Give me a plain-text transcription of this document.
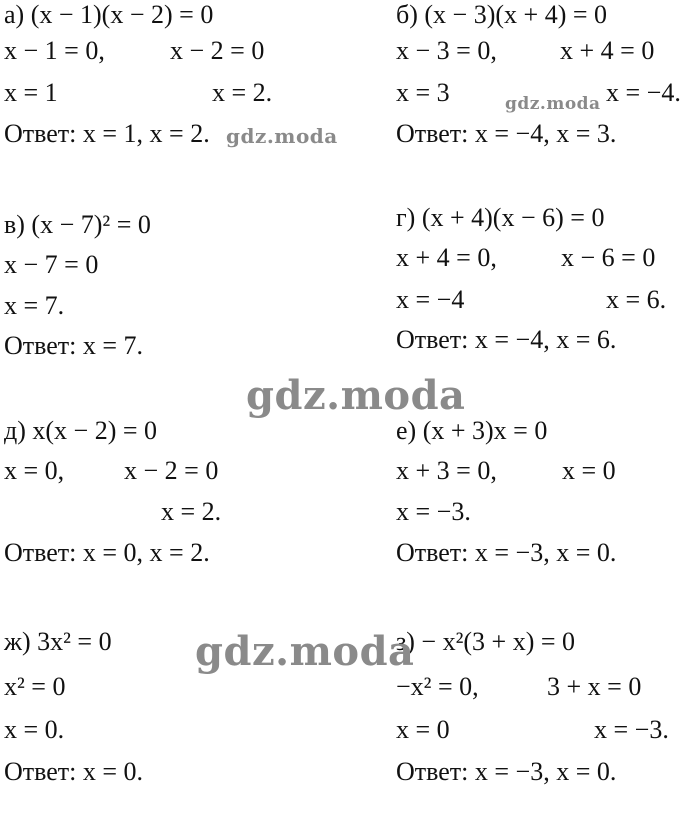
а) (x − 1)(x − 2) = 0
x − 1 = 0,	x − 2 = 0
x = 1	x = 2.
Ответ: x = 1, x = 2.
б) (x − 3)(x + 4) = 0
x − 3 = 0, x + 4 = 0
x = 3	x = −4.
Ответ: x = −4, x = 3.
в) (x − 7)² = 0
x − 7 = 0
x = 7.
Ответ: x = 7.
г) (x + 4)(x − 6) = 0
x + 4 = 0, x − 6 = 0
x = −4	x = 6.
Ответ: x = −4, x = 6.
д) x(x − 2) = 0
x = 0, x − 2 = 0
x = 2.
Ответ: x = 0, x = 2.
е) (x + 3)x = 0
x + 3 = 0,	x = 0
x = −3.
Ответ: x = −3, x = 0.
ж) 3x² = 0
x² = 0
x = 0.
Ответ: x = 0.
з) − x²(3 + x) = 0
−x² = 0,	3 + x = 0
x = 0	x = −3.
Ответ: x = −3, x = 0.
gdz.moda
gdz.moda
gdz.moda
gdz.moda
